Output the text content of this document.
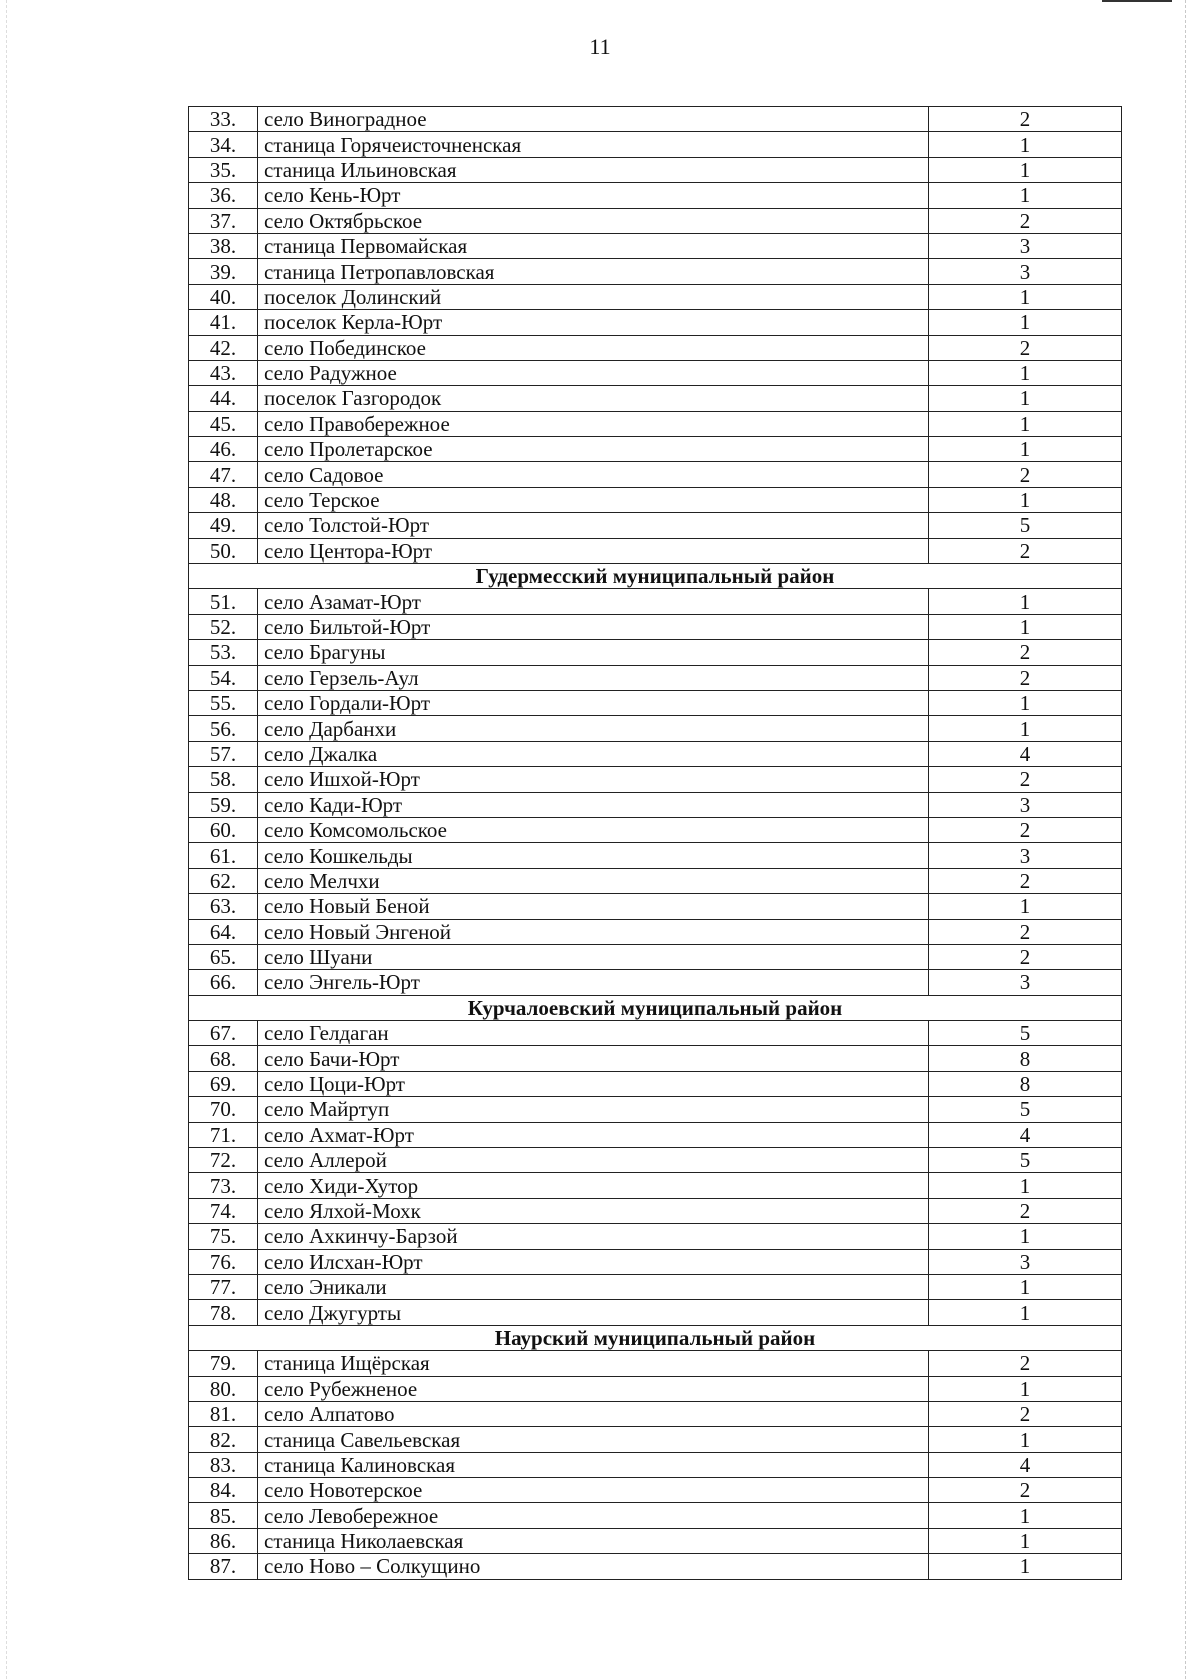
11
33.	село Виноградное	2
34.	станица Горячеисточненская	1
35.	станица Ильиновская	1
36.	село Кень-Юрт	1
37.	село Октябрьское	2
38.	станица Первомайская	3
39.	станица Петропавловская	3
40.	поселок Долинский	1
41.	поселок Керла-Юрт	1
42.	село Побединское	2
43.	село Радужное	1
44.	поселок Газгородок	1
45.	село Правобережное	1
46.	село Пролетарское	1
47.	село Садовое	2
48.	село Терское	1
49.	село Толстой-Юрт	5
50.	село Центора-Юрт	2
Гудермесский муниципальный район		
51.	село Азамат-Юрт	1
52.	село Бильтой-Юрт	1
53.	село Брагуны	2
54.	село Герзель-Аул	2
55.	село Гордали-Юрт	1
56.	село Дарбанхи	1
57.	село Джалка	4
58.	село Ишхой-Юрт	2
59.	село Кади-Юрт	3
60.	село Комсомольское	2
61.	село Кошкельды	3
62.	село Мелчхи	2
63.	село Новый Беной	1
64.	село Новый Энгеной	2
65.	село Шуани	2
66.	село Энгель-Юрт	3
Курчалоевский муниципальный район		
67.	село Гелдаган	5
68.	село Бачи-Юрт	8
69.	село Цоци-Юрт	8
70.	село Майртуп	5
71.	село Ахмат-Юрт	4
72.	село Аллерой	5
73.	село Хиди-Хутор	1
74.	село Ялхой-Мохк	2
75.	село Ахкинчу-Барзой	1
76.	село Илсхан-Юрт	3
77.	село Эникали	1
78.	село Джугурты	1
Наурский муниципальный район		
79.	станица Ищёрская	2
80.	село Рубежненое	1
81.	село Алпатово	2
82.	станица Савельевская	1
83.	станица Калиновская	4
84.	село Новотерское	2
85.	село Левобережное	1
86.	станица Николаевская	1
87.	село Ново – Солкущино	1
